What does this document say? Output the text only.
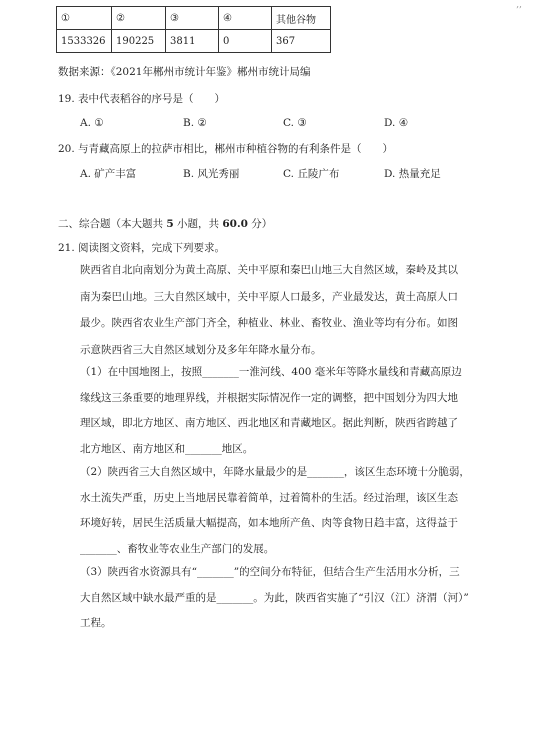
,,
①	②	③	④	其他谷物
1533326	190225	3811	0	367
数据来源：《2021年郴州市统计年鉴》郴州市统计局编
19. 表中代表稻谷的序号是（　　）
A. ①	B. ②	C. ③	D. ④
20. 与青藏高原上的拉萨市相比，郴州市种植谷物的有利条件是（　　）
A. 矿产丰富	B. 风光秀丽	C. 丘陵广布	D. 热量充足
二、综合题（本大题共 5 小题，共 60.0 分）
21. 阅读图文资料，完成下列要求。
陕西省自北向南划分为黄土高原、关中平原和秦巴山地三大自然区域，秦岭及其以
南为秦巴山地。三大自然区域中，关中平原人口最多，产业最发达，黄土高原人口
最少。陕西省农业生产部门齐全，种植业、林业、畜牧业、渔业等均有分布。如图
示意陕西省三大自然区域划分及多年年降水量分布。
（1）在中国地图上，按照_______一淮河线、400 毫米年等降水量线和青藏高原边
缘线这三条重要的地理界线，并根据实际情况作一定的调整，把中国划分为四大地
理区域，即北方地区、南方地区、西北地区和青藏地区。据此判断，陕西省跨越了
北方地区、南方地区和_______地区。
（2）陕西省三大自然区域中，年降水量最少的是_______，该区生态环境十分脆弱，
水土流失严重，历史上当地居民靠着简单，过着简朴的生活。经过治理，该区生态
环境好转，居民生活质量大幅提高，如本地所产鱼、肉等食物日趋丰富，这得益于
_______、畜牧业等农业生产部门的发展。
（3）陕西省水资源具有“_______”的空间分布特征，但结合生产生活用水分析，三
大自然区域中缺水最严重的是_______。为此，陕西省实施了“引汉（江）济渭（河）”
工程。
